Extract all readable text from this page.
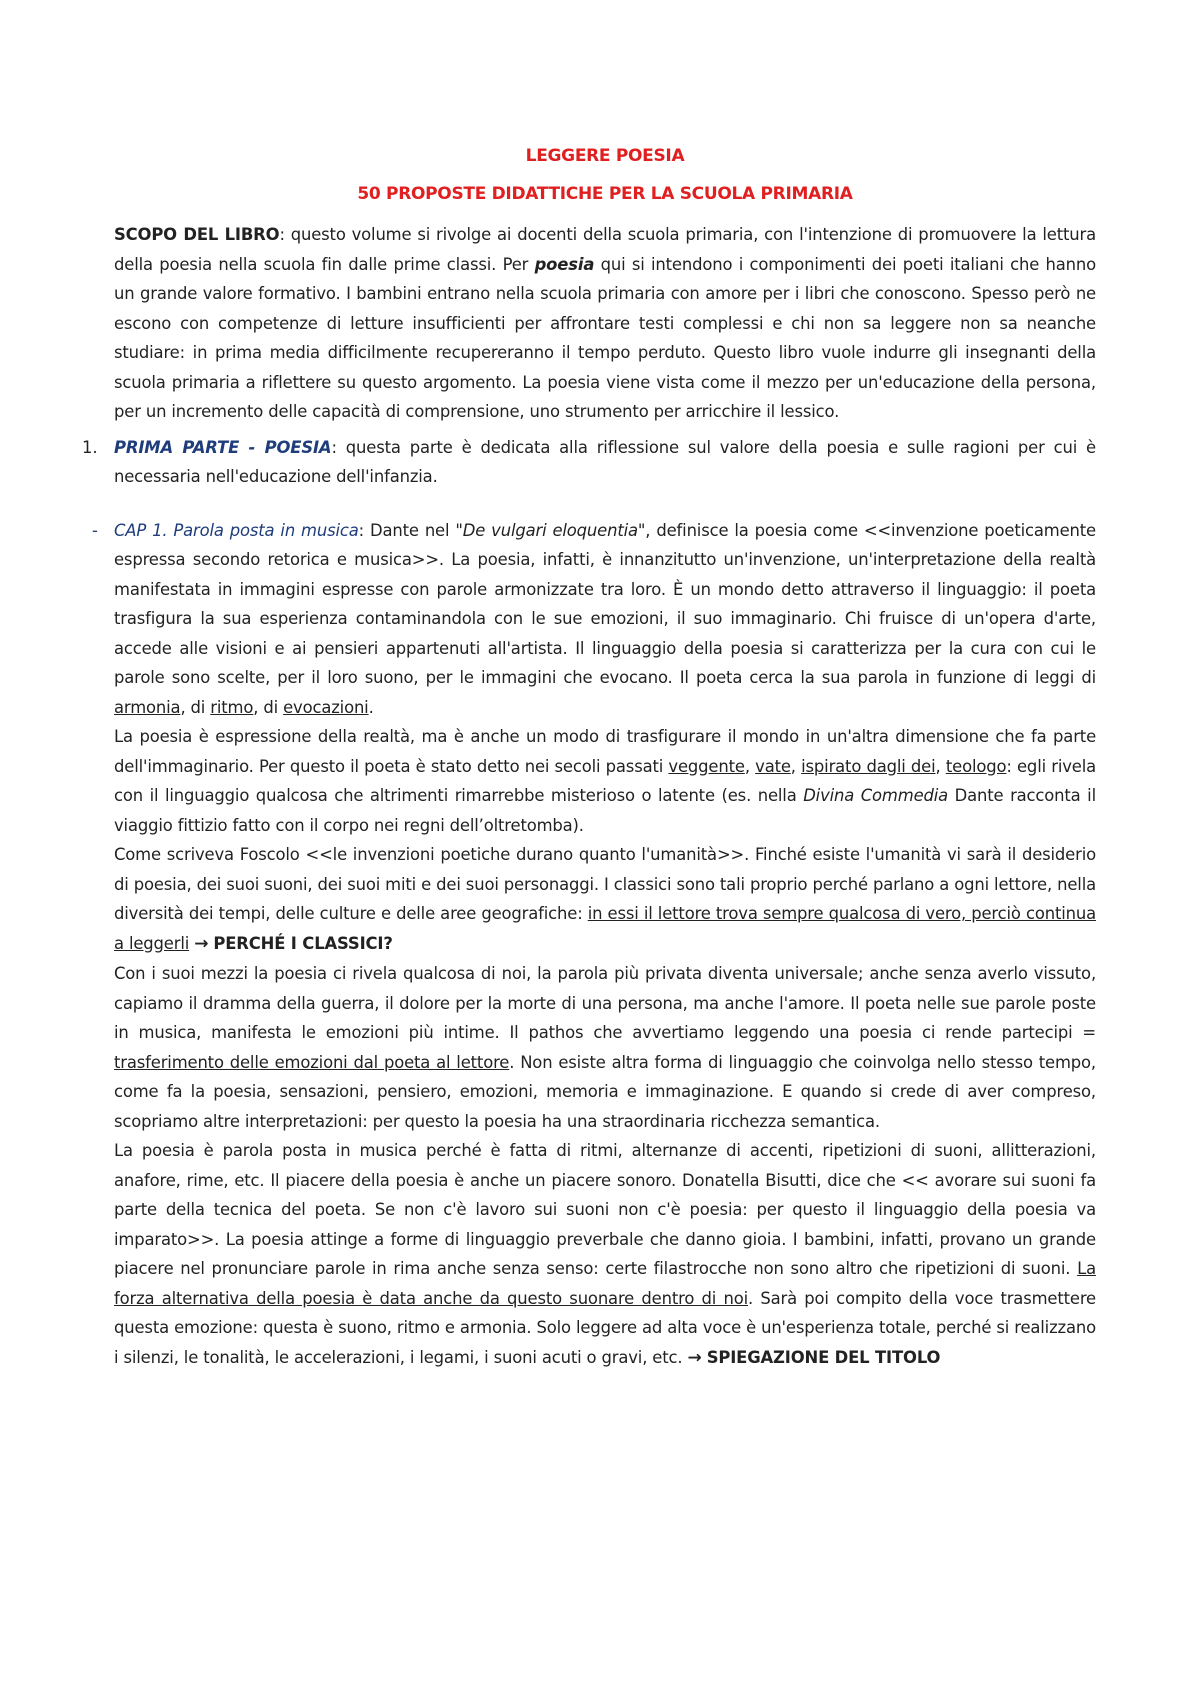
LEGGERE POESIA
50 PROPOSTE DIDATTICHE PER LA SCUOLA PRIMARIA

SCOPO DEL LIBRO: questo volume si rivolge ai docenti della scuola primaria, con l'intenzione di promuovere la lettura della poesia nella scuola fin dalle prime classi. Per poesia qui si intendono i componimenti dei poeti italiani che hanno un grande valore formativo. I bambini entrano nella scuola primaria con amore per i libri che conoscono. Spesso però ne escono con competenze di letture insufficienti per affrontare testi complessi e chi non sa leggere non sa neanche studiare: in prima media difficilmente recupereranno il tempo perduto. Questo libro vuole indurre gli insegnanti della scuola primaria a riflettere su questo argomento. La poesia viene vista come il mezzo per un'educazione della persona, per un incremento delle capacità di comprensione, uno strumento per arricchire il lessico.

1. PRIMA PARTE - POESIA: questa parte è dedicata alla riflessione sul valore della poesia e sulle ragioni per cui è necessaria nell'educazione dell'infanzia.

- CAP 1. Parola posta in musica: Dante nel "De vulgari eloquentia", definisce la poesia come <<invenzione poeticamente espressa secondo retorica e musica>>. La poesia, infatti, è innanzitutto un'invenzione, un'interpretazione della realtà manifestata in immagini espresse con parole armonizzate tra loro. È un mondo detto attraverso il linguaggio: il poeta trasfigura la sua esperienza contaminandola con le sue emozioni, il suo immaginario. Chi fruisce di un'opera d'arte, accede alle visioni e ai pensieri appartenuti all'artista. Il linguaggio della poesia si caratterizza per la cura con cui le parole sono scelte, per il loro suono, per le immagini che evocano. Il poeta cerca la sua parola in funzione di leggi di armonia, di ritmo, di evocazioni.

La poesia è espressione della realtà, ma è anche un modo di trasfigurare il mondo in un'altra dimensione che fa parte dell'immaginario. Per questo il poeta è stato detto nei secoli passati veggente, vate, ispirato dagli dei, teologo: egli rivela con il linguaggio qualcosa che altrimenti rimarrebbe misterioso o latente (es. nella Divina Commedia Dante racconta il viaggio fittizio fatto con il corpo nei regni dell’oltretomba).

Come scriveva Foscolo <<le invenzioni poetiche durano quanto l'umanità>>. Finché esiste l'umanità vi sarà il desiderio di poesia, dei suoi suoni, dei suoi miti e dei suoi personaggi. I classici sono tali proprio perché parlano a ogni lettore, nella diversità dei tempi, delle culture e delle aree geografiche: in essi il lettore trova sempre qualcosa di vero, perciò continua a leggerli → PERCHÉ I CLASSICI?

Con i suoi mezzi la poesia ci rivela qualcosa di noi, la parola più privata diventa universale; anche senza averlo vissuto, capiamo il dramma della guerra, il dolore per la morte di una persona, ma anche l'amore. Il poeta nelle sue parole poste in musica, manifesta le emozioni più intime. Il pathos che avvertiamo leggendo una poesia ci rende partecipi = trasferimento delle emozioni dal poeta al lettore. Non esiste altra forma di linguaggio che coinvolga nello stesso tempo, come fa la poesia, sensazioni, pensiero, emozioni, memoria e immaginazione. E quando si crede di aver compreso, scopriamo altre interpretazioni: per questo la poesia ha una straordinaria ricchezza semantica.

La poesia è parola posta in musica perché è fatta di ritmi, alternanze di accenti, ripetizioni di suoni, allitterazioni, anafore, rime, etc. Il piacere della poesia è anche un piacere sonoro. Donatella Bisutti, dice che << avorare sui suoni fa parte della tecnica del poeta. Se non c'è lavoro sui suoni non c'è poesia: per questo il linguaggio della poesia va imparato>>. La poesia attinge a forme di linguaggio preverbale che danno gioia. I bambini, infatti, provano un grande piacere nel pronunciare parole in rima anche senza senso: certe filastrocche non sono altro che ripetizioni di suoni. La forza alternativa della poesia è data anche da questo suonare dentro di noi. Sarà poi compito della voce trasmettere questa emozione: questa è suono, ritmo e armonia. Solo leggere ad alta voce è un'esperienza totale, perché si realizzano i silenzi, le tonalità, le accelerazioni, i legami, i suoni acuti o gravi, etc. → SPIEGAZIONE DEL TITOLO
